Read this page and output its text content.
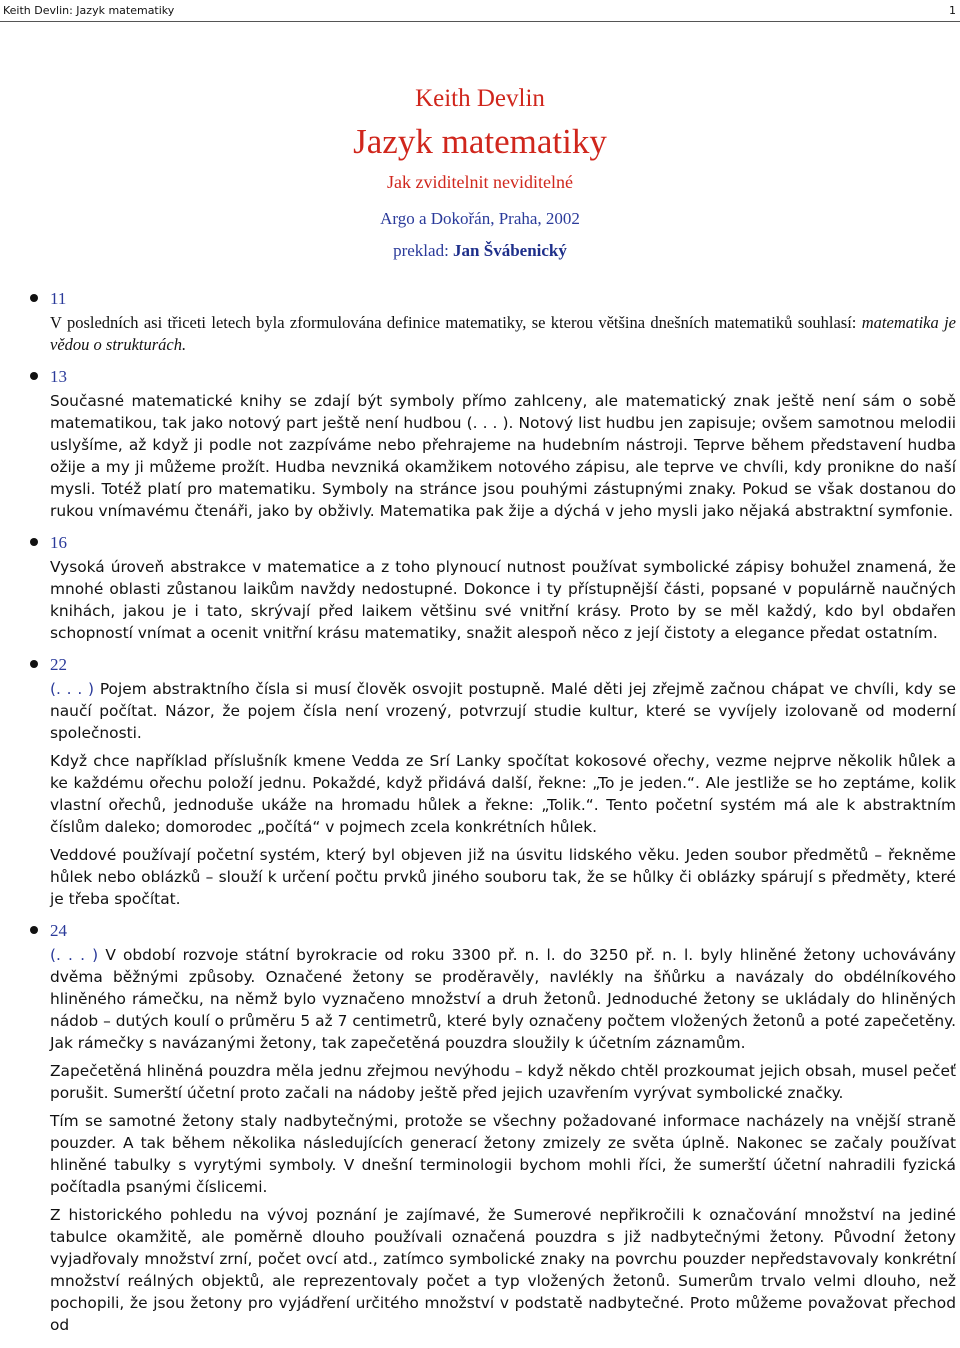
Keith Devlin: Jazyk matematiky	1
Keith Devlin
Jazyk matematiky
Jak zviditelnit neviditelné
Argo a Dokořán, Praha, 2002
preklad: Jan Švábenický
11

V posledních asi třiceti letech byla zformulována definice matematiky, se kterou většina dnešních matematiků souhlasí: matematika je vědou o strukturách.

13

Současné matematické knihy se zdají být symboly přímo zahlceny, ale matematický znak ještě není sám o sobě matematikou, tak jako notový part ještě není hudbou (. . . ). Notový list hudbu jen zapisuje; ovšem samotnou melodii uslyšíme, až když ji podle not zazpíváme nebo přehrajeme na hudebním nástroji. Teprve během představení hudba ožije a my ji můžeme prožít. Hudba nevzniká okamžikem notového zápisu, ale teprve ve chvíli, kdy pronikne do naší mysli. Totéž platí pro matematiku. Symboly na stránce jsou pouhými zástupnými znaky. Pokud se však dostanou do rukou vnímavému čtenáři, jako by obživly. Matematika pak žije a dýchá v jeho mysli jako nějaká abstraktní symfonie.

16

Vysoká úroveň abstrakce v matematice a z toho plynoucí nutnost používat symbolické zápisy bohužel znamená, že mnohé oblasti zůstanou laikům navždy nedostupné. Dokonce i ty přístupnější části, popsané v populárně naučných knihách, jakou je i tato, skrývají před laikem většinu své vnitřní krásy. Proto by se měl každý, kdo byl obdařen schopností vnímat a ocenit vnitřní krásu matematiky, snažit alespoň něco z její čistoty a elegance předat ostatním.

22

(. . . ) Pojem abstraktního čísla si musí člověk osvojit postupně. Malé děti jej zřejmě začnou chápat ve chvíli, kdy se naučí počítat. Názor, že pojem čísla není vrozený, potvrzují studie kultur, které se vyvíjely izolovaně od moderní společnosti.

Když chce například příslušník kmene Vedda ze Srí Lanky spočítat kokosové ořechy, vezme nejprve několik hůlek a ke každému ořechu položí jednu. Pokaždé, když přidává další, řekne: „To je jeden.“. Ale jestliže se ho zeptáme, kolik vlastní ořechů, jednoduše ukáže na hromadu hůlek a řekne: „Tolik.“. Tento početní systém má ale k abstraktním číslům daleko; domorodec „počítá“ v pojmech zcela konkrétních hůlek.

Veddové používají početní systém, který byl objeven již na úsvitu lidského věku. Jeden soubor předmětů – řekněme hůlek nebo oblázků – slouží k určení počtu prvků jiného souboru tak, že se hůlky či oblázky spárují s předměty, které je třeba spočítat.

24

(. . . ) V období rozvoje státní byrokracie od roku 3300 př. n. l. do 3250 př. n. l. byly hliněné žetony uchovávány dvěma běžnými způsoby. Označené žetony se proděravěly, navlékly na šňůrku a navázaly do obdélníkového hliněného rámečku, na němž bylo vyznačeno množství a druh žetonů. Jednoduché žetony se ukládaly do hliněných nádob – dutých koulí o průměru 5 až 7 centimetrů, které byly označeny počtem vložených žetonů a poté zapečetěny. Jak rámečky s navázanými žetony, tak zapečetěná pouzdra sloužily k účetním záznamům.

Zapečetěná hliněná pouzdra měla jednu zřejmou nevýhodu – když někdo chtěl prozkoumat jejich obsah, musel pečeť porušit. Sumerští účetní proto začali na nádoby ještě před jejich uzavřením vyrývat symbolické značky.

Tím se samotné žetony staly nadbytečnými, protože se všechny požadované informace nacházely na vnější straně pouzder. A tak během několika následujících generací žetony zmizely ze světa úplně. Nakonec se začaly používat hliněné tabulky s vyrytými symboly. V dnešní terminologii bychom mohli říci, že sumerští účetní nahradili fyzická počítadla psanými číslicemi.

Z historického pohledu na vývoj poznání je zajímavé, že Sumerové nepřikročili k označování množství na jediné tabulce okamžitě, ale poměrně dlouho používali označená pouzdra s již nadbytečnými žetony. Původní žetony vyjadřovaly množství zrní, počet ovcí atd., zatímco symbolické znaky na povrchu pouzder nepředstavovaly konkrétní množství reálných objektů, ale reprezentovaly počet a typ vložených žetonů. Sumerům trvalo velmi dlouho, než pochopili, že jsou žetony pro vyjádření určitého množství v podstatě nadbytečné. Proto můžeme považovat přechod od
